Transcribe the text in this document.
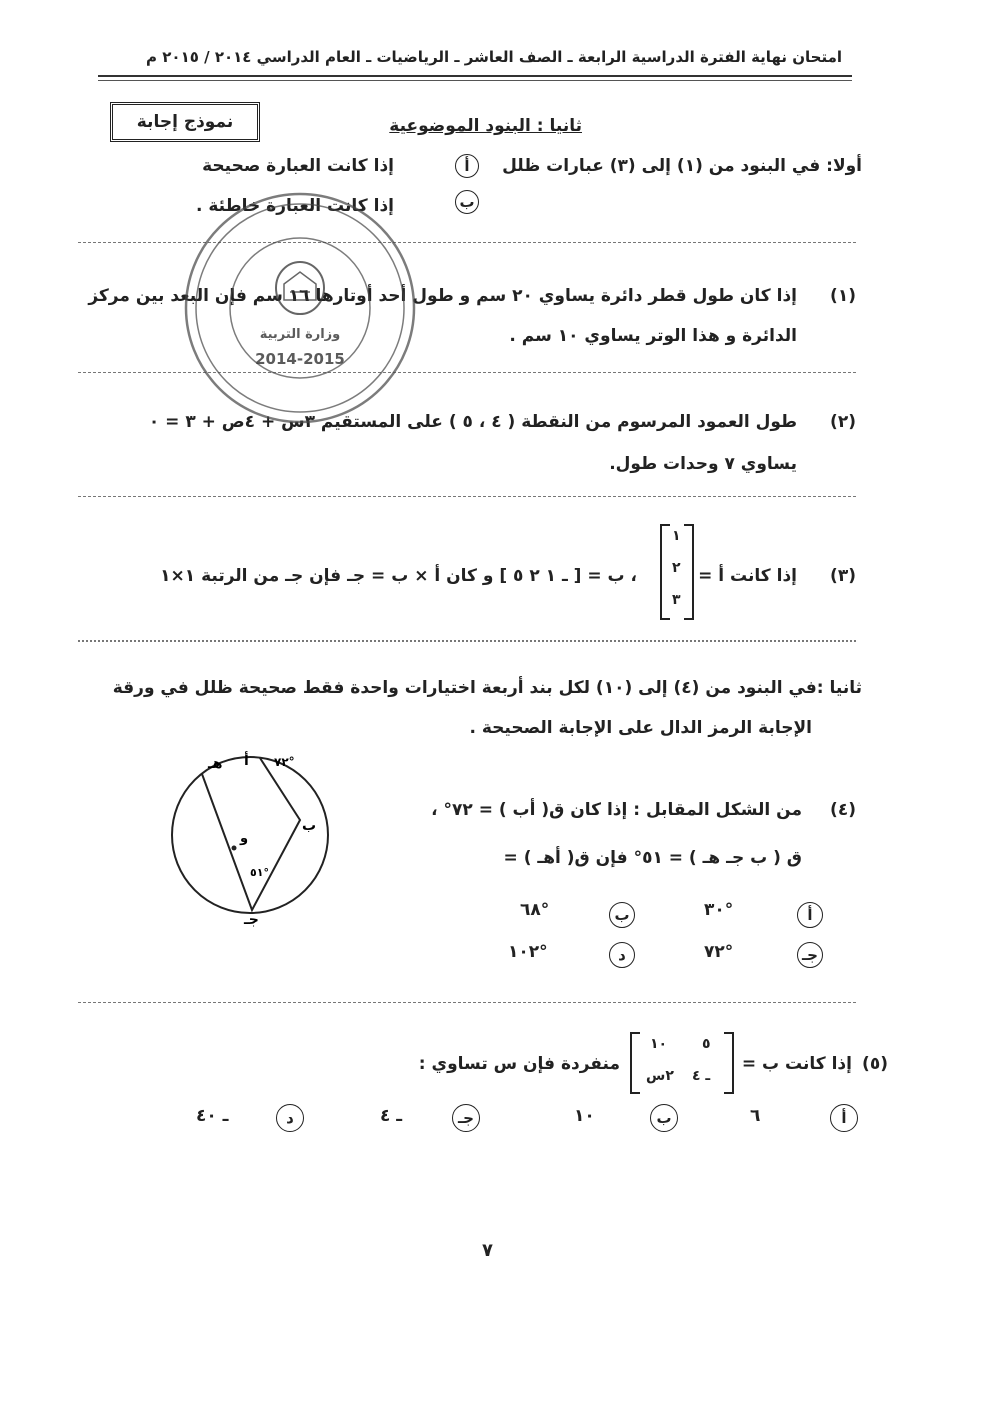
امتحان نهاية الفترة الدراسية الرابعة ـ الصف العاشر ـ الرياضيات ـ العام الدراسي ٢٠١٤ / ٢٠١٥ م
نموذج إجابة	ثانيا : البنود الموضوعية
أولا: في البنود من (١) إلى (٣) عبارات ظلل
أ
ب
إذا كانت العبارة صحيحة
إذا كانت العبارة خاطئة .
(١)
إذا كان طول قطر دائرة يساوي ٢٠ سم و طول أحد أوتارها ١٦ سم فإن البعد بين مركز
الدائرة و هذا الوتر يساوي ١٠ سم .
(٢)
طول العمود المرسوم من النقطة ( ٤ ، ٥ ) على المستقيم ٣س + ٤ص + ٣ = ٠
يساوي ٧ وحدات طول.
(٣)
إذا كانت أ =
١
٢
٣
، ب = [ ـ ١ ٢ ٥ ] و كان أ × ب = جـ فإن جـ من الرتبة ١×١
ثانيا :في البنود من (٤) إلى (١٠) لكل بند أربعة اختيارات واحدة فقط صحيحة ظلل في ورقة
الإجابة الرمز الدال على الإجابة الصحيحة .
(٤)
من الشكل المقابل : إذا كان ق( أب ) = ٧٢° ،
ق ( ب جـ هـ ) = ٥١° فإن ق( أهـ ) =
أ
٣٠°
ب
٦٨°
جـ
٧٢°
د
١٠٢°
هـ أ ٧٢°
ب
جـ
و
٥١°
(٥)
إذا كانت ب =
٥
١٠
ـ ٤
٢س
منفردة فإن س تساوي :
أ
٦
ب
١٠
جـ
ـ ٤
د
ـ ٤٠
وزارة التربية
2014-2015
٧
